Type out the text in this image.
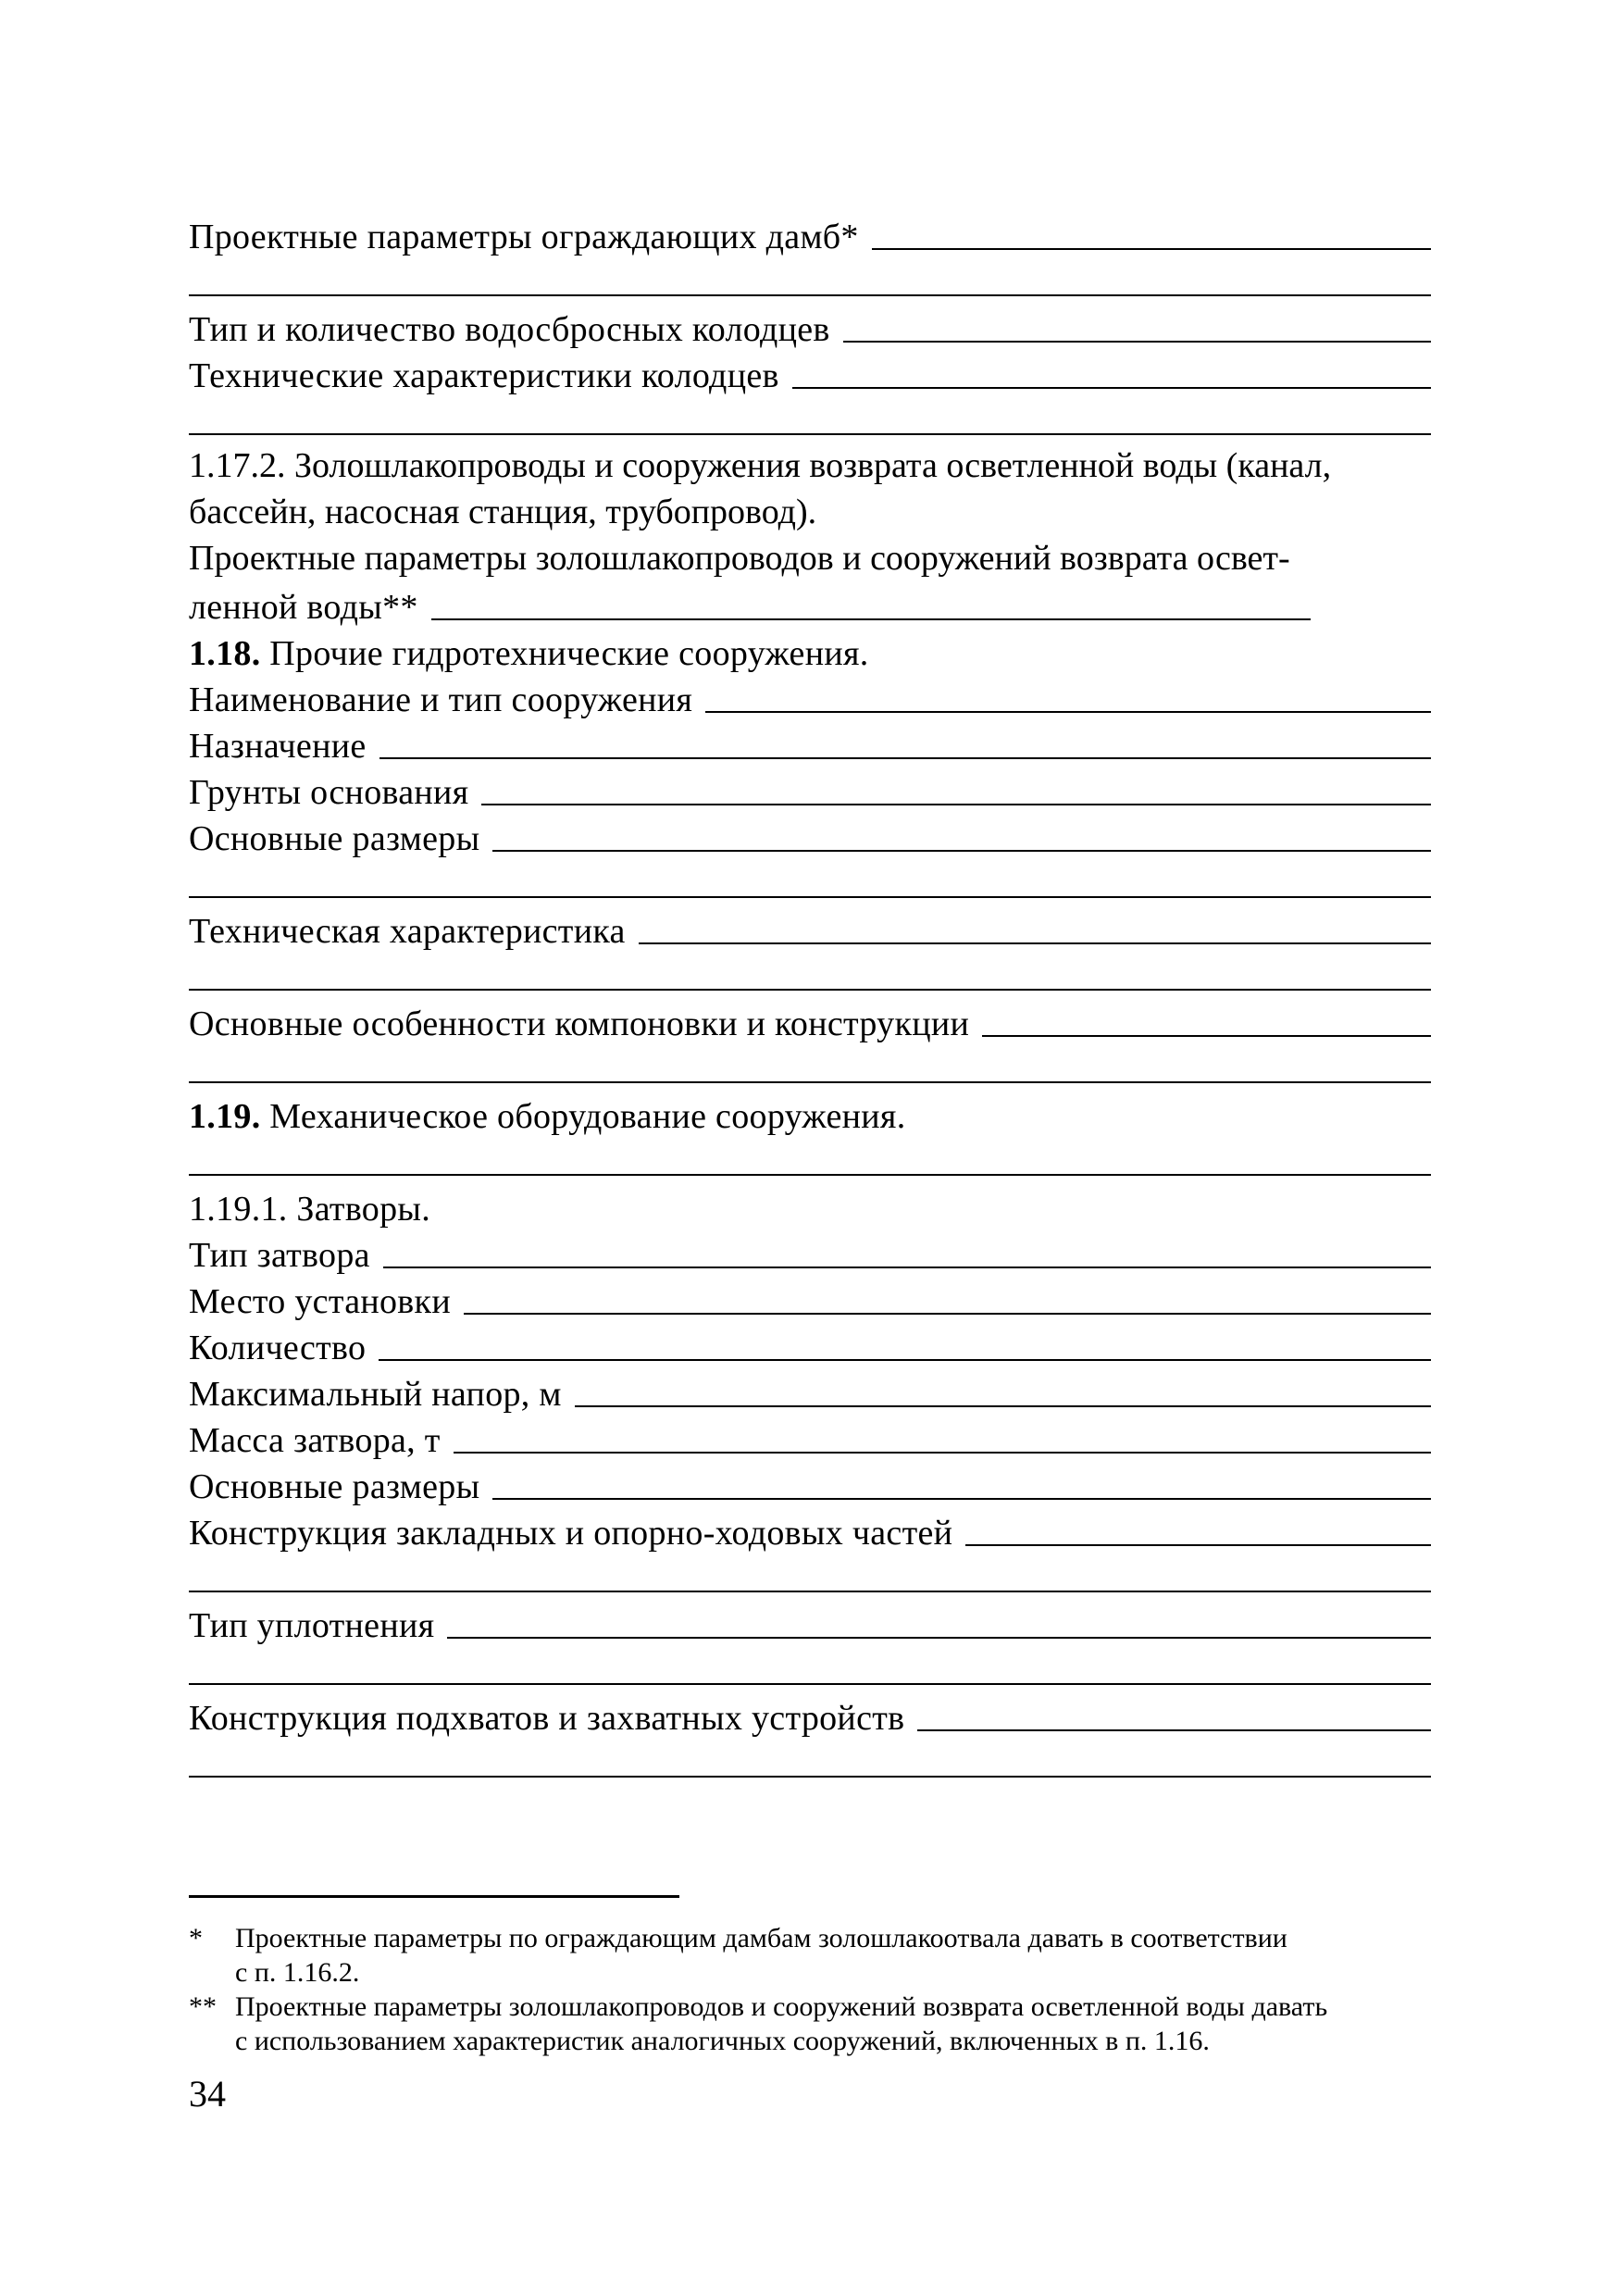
Проектные параметры ограждающих дамб*
Тип и количество водосбросных колодцев
Технические характеристики колодцев
1.17.2. Золошлакопроводы и сооружения возврата осветленной воды (канал,
бассейн, насосная станция, трубопровод).
Проектные параметры золошлакопроводов и сооружений возврата освет-
ленной воды**
1.18. Прочие гидротехнические сооружения.
Наименование и тип сооружения
Назначение
Грунты основания
Основные размеры
Техническая характеристика
Основные особенности компоновки и конструкции
1.19. Механическое оборудование сооружения.
1.19.1. Затворы.
Тип затвора
Место установки
Количество
Максимальный напор, м
Масса затвора, т
Основные размеры
Конструкция закладных и опорно-ходовых частей
Тип уплотнения
Конструкция подхватов и захватных устройств
* Проектные параметры по ограждающим дамбам золошлакоотвала давать в соответствии
с п. 1.16.2.
** Проектные параметры золошлакопроводов и сооружений возврата осветленной воды давать
с использованием характеристик аналогичных сооружений, включенных в п. 1.16.
34
